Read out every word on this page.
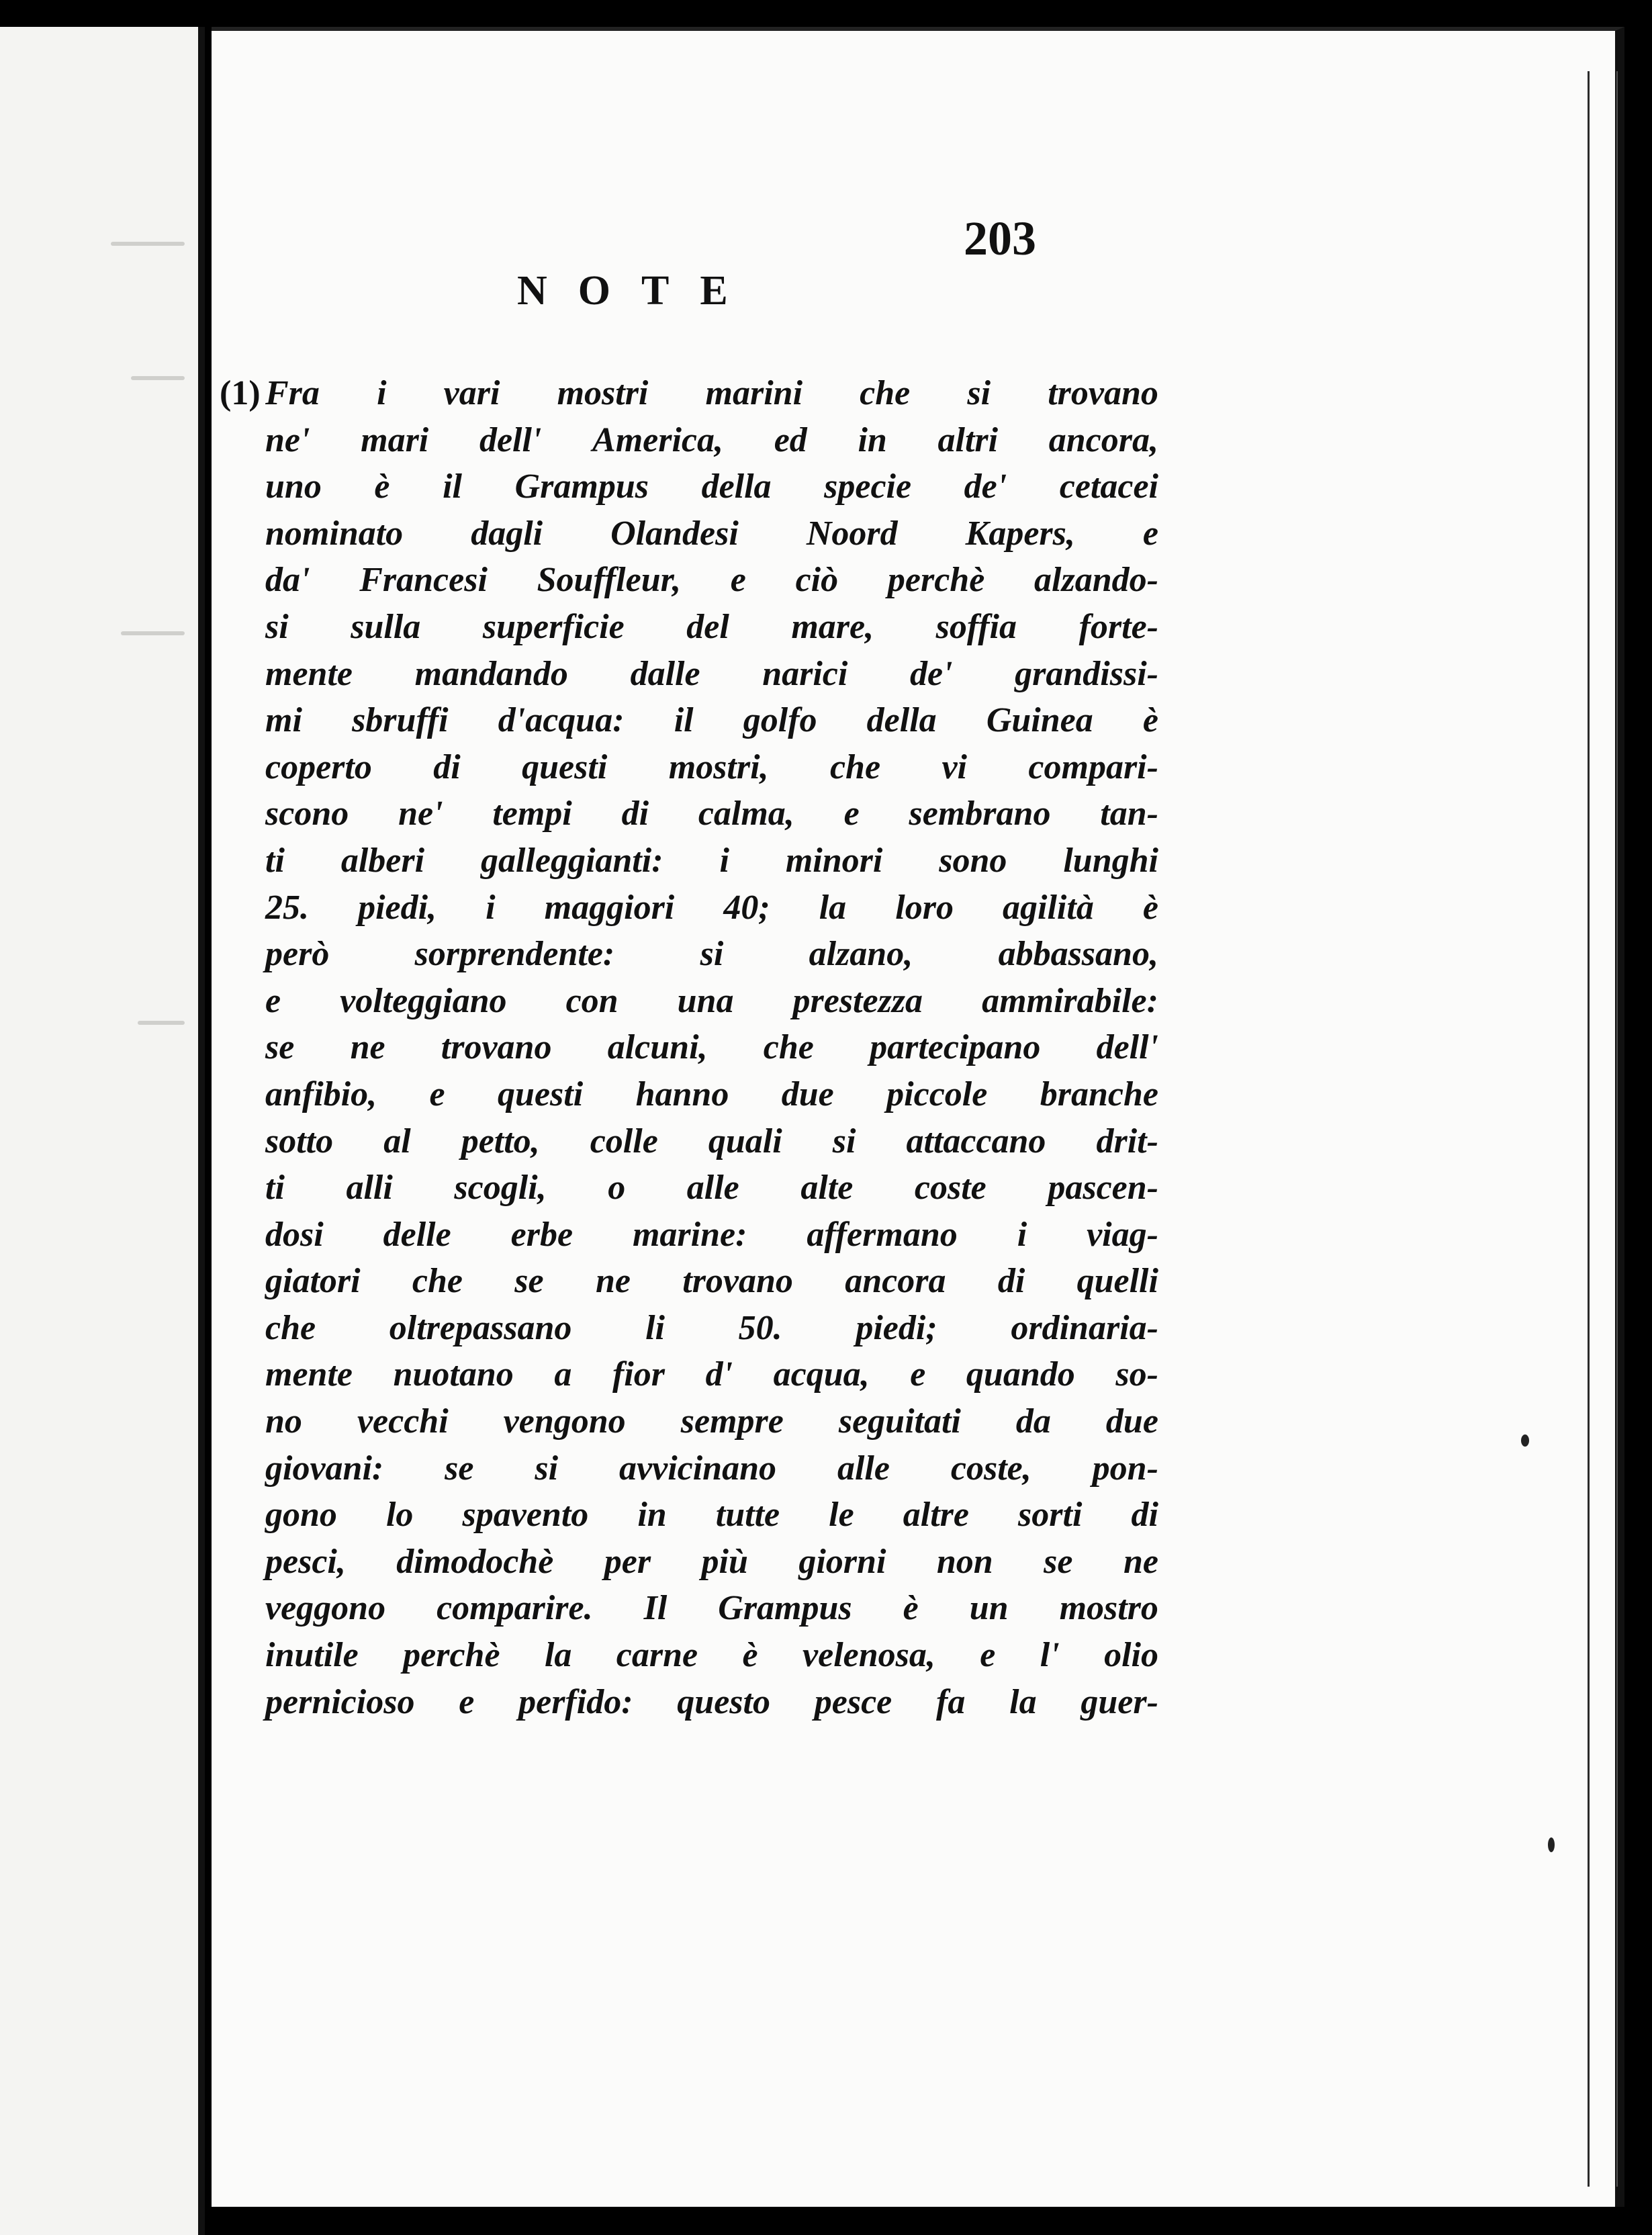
203

NOTE
(1) Fra i vari mostri marini che si trovano
ne' mari dell' America, ed in altri ancora,
uno è il Grampus della specie de' cetacei
nominato dagli Olandesi Noord Kapers, e
da' Francesi Souffleur, e ciò perchè alzando-
si sulla superficie del mare, soffia forte-
mente mandando dalle narici de' grandissi-
mi sbruffi d'acqua: il golfo della Guinea è
coperto di questi mostri, che vi compari-
scono ne' tempi di calma, e sembrano tan-
ti alberi galleggianti: i minori sono lunghi
25. piedi, i maggiori 40; la loro agilità è
però sorprendente: si alzano, abbassano,
e volteggiano con una prestezza ammirabile:
se ne trovano alcuni, che partecipano dell'
anfibio, e questi hanno due piccole branche
sotto al petto, colle quali si attaccano drit-
ti alli scogli, o alle alte coste pascen-
dosi delle erbe marine: affermano i viag-
giatori che se ne trovano ancora di quelli
che oltrepassano li 50. piedi; ordinaria-
mente nuotano a fior d' acqua, e quando so-
no vecchi vengono sempre seguitati da due
giovani: se si avvicinano alle coste, pon-
gono lo spavento in tutte le altre sorti di
pesci, dimodochè per più giorni non se ne
veggono comparire. Il Grampus è un mostro
inutile perchè la carne è velenosa, e l' olio
pernicioso e perfido: questo pesce fa la guer-
